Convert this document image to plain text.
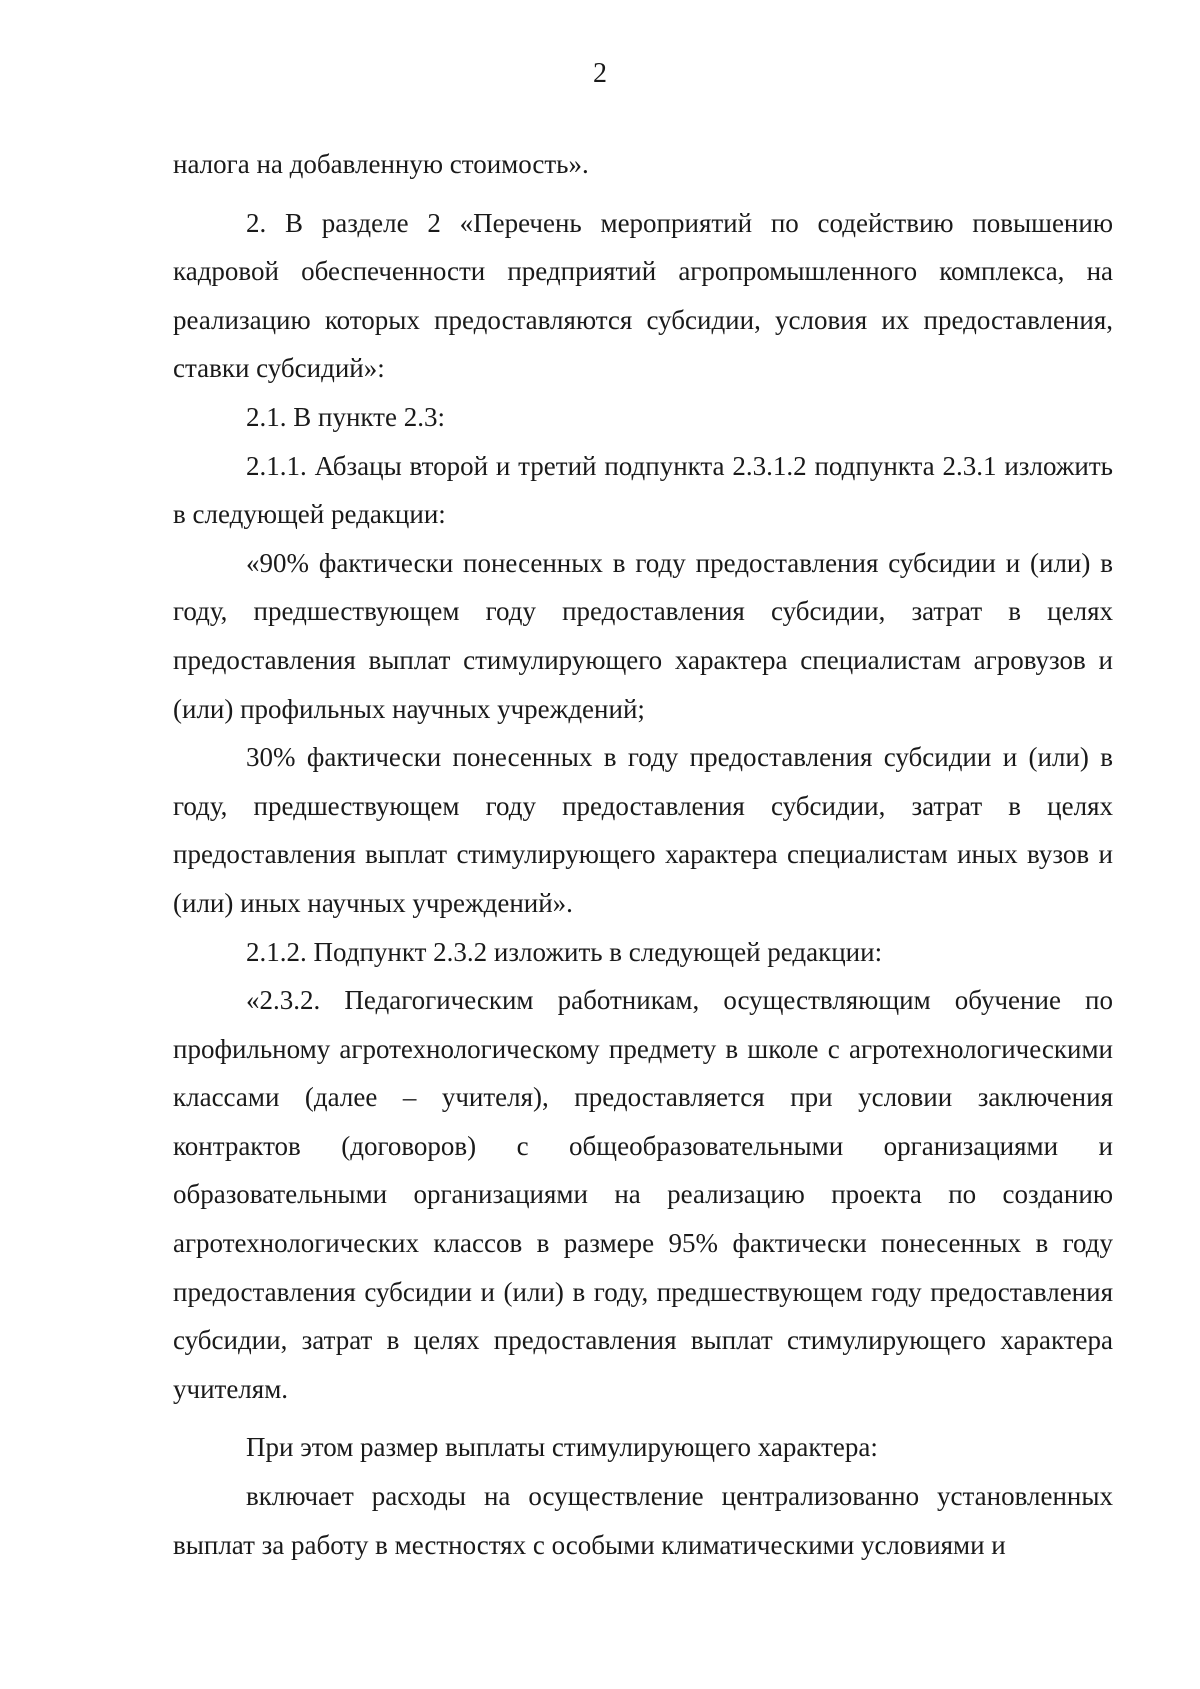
2

налога на добавленную стоимость».

2. В разделе 2 «Перечень мероприятий по содействию повышению кадровой обеспеченности предприятий агропромышленного комплекса, на реализацию которых предоставляются субсидии, условия их предоставления, ставки субсидий»:

2.1. В пункте 2.3:

2.1.1. Абзацы второй и третий подпункта 2.3.1.2 подпункта 2.3.1 изложить в следующей редакции:

«90% фактически понесенных в году предоставления субсидии и (или) в году, предшествующем году предоставления субсидии, затрат в целях предоставления выплат стимулирующего характера специалистам агровузов и (или) профильных научных учреждений;

30% фактически понесенных в году предоставления субсидии и (или) в году, предшествующем году предоставления субсидии, затрат в целях предоставления выплат стимулирующего характера специалистам иных вузов и (или) иных научных учреждений».

2.1.2. Подпункт 2.3.2 изложить в следующей редакции:

«2.3.2. Педагогическим работникам, осуществляющим обучение по профильному агротехнологическому предмету в школе с агротехнологическими классами (далее – учителя), предоставляется при условии заключения контрактов (договоров) с общеобразовательными организациями и образовательными организациями на реализацию проекта по созданию агротехнологических классов в размере 95% фактически понесенных в году предоставления субсидии и (или) в году, предшествующем году предоставления субсидии, затрат в целях предоставления выплат стимулирующего характера учителям.

При этом размер выплаты стимулирующего характера:

включает расходы на осуществление централизованно установленных выплат за работу в местностях с особыми климатическими условиями и
